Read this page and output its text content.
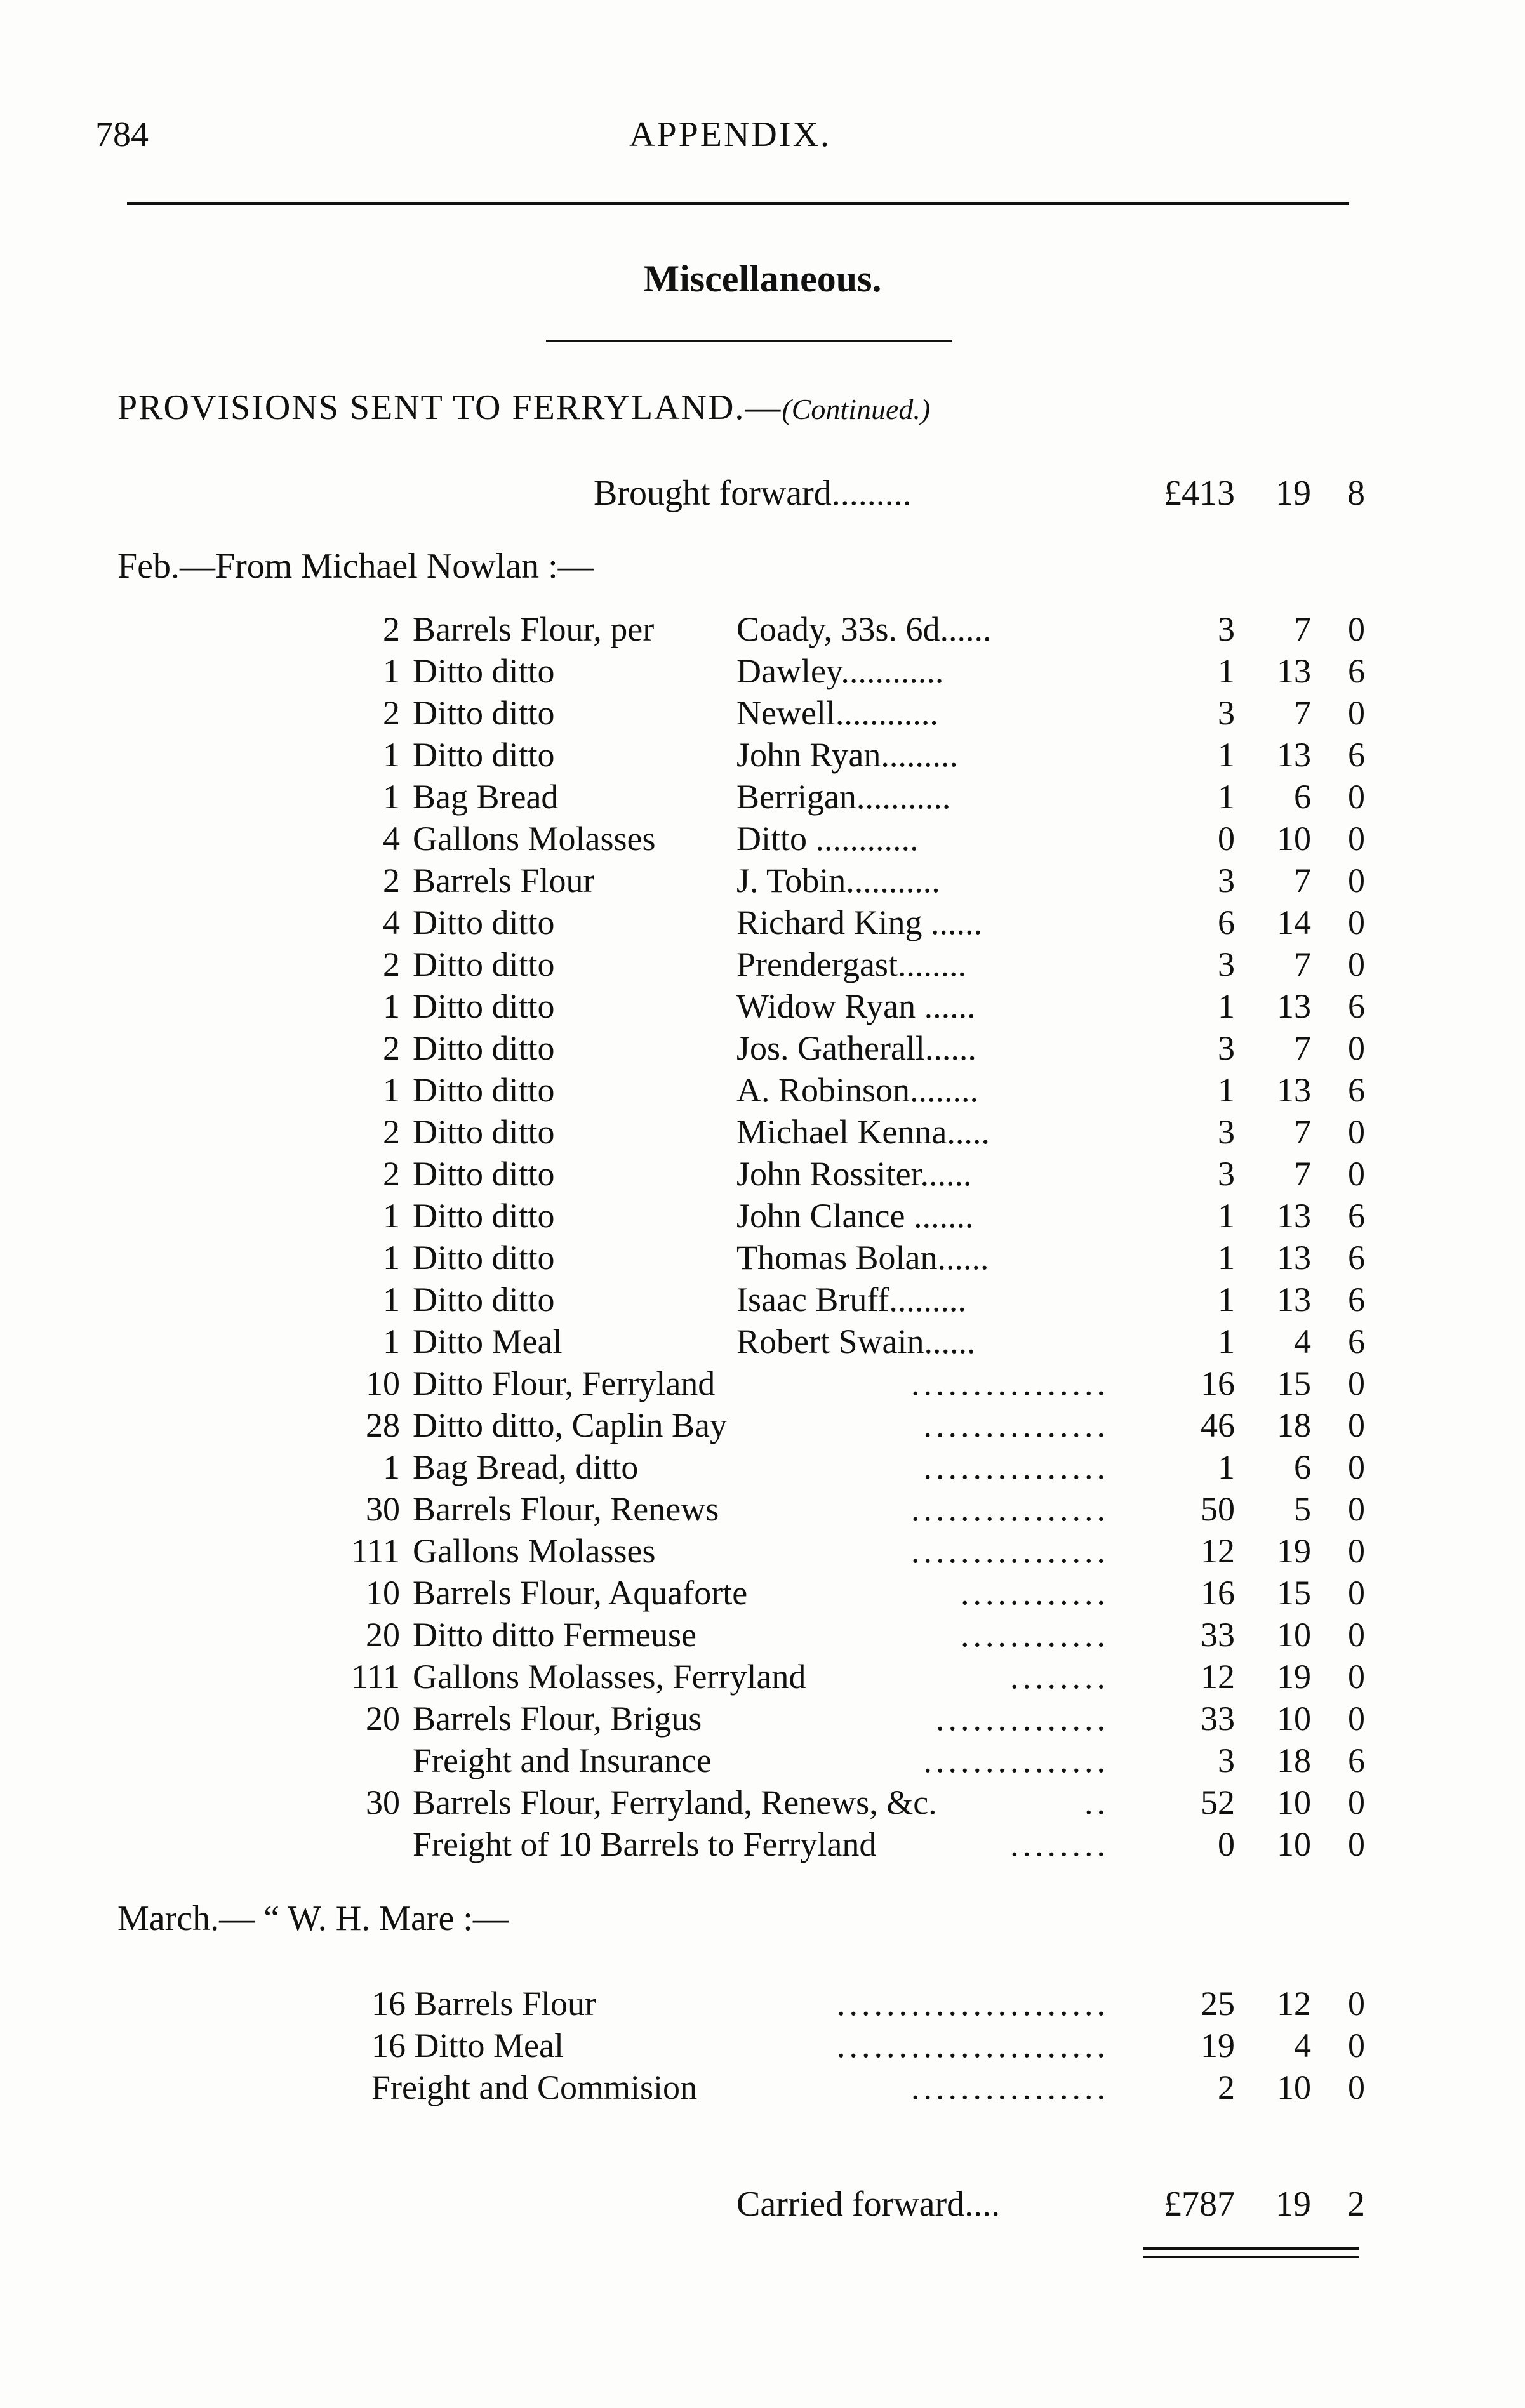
784	APPENDIX.
Miscellaneous.
PROVISIONS SENT TO FERRYLAND.—(Continued.)
Brought forward.........	£413	19	8
Feb.—From Michael Nowlan :—
2 Barrels Flour, per Coady, 33s. 6d......	3	7	0
1 Ditto ditto	Dawley............	1	13	6
2 Ditto ditto	Newell............	3	7	0
1 Ditto ditto	John Ryan.........	1	13	6
1 Bag Bread	Berrigan...........	1	6	0
4 Gallons Molasses Ditto ............	0	10	0
2 Barrels Flour	J. Tobin...........	3	7	0
4 Ditto ditto	Richard King ......	6	14	0
2 Ditto ditto	Prendergast........	3	7	0
1 Ditto ditto	Widow Ryan ......	1	13	6
2 Ditto ditto	Jos. Gatherall......	3	7	0
1 Ditto ditto	A. Robinson........	1	13	6
2 Ditto ditto	Michael Kenna.....	3	7	0
2 Ditto ditto	John Rossiter......	3	7	0
1 Ditto ditto	John Clance .......	1	13	6
1 Ditto ditto	Thomas Bolan......	1	13	6
1 Ditto ditto	Isaac Bruff.........	1	13	6
1 Ditto Meal	Robert Swain......	1	4	6
10 Ditto Flour, Ferryland	................	16	15	0
28 Ditto ditto, Caplin Bay	...............	46	18	0
1 Bag Bread, ditto	...............	1	6	0
30 Barrels Flour, Renews	................	50	5	0
111 Gallons Molasses	................	12	19	0
10 Barrels Flour, Aquaforte	............	16	15	0
20 Ditto ditto Fermeuse	............	33	10	0
111 Gallons Molasses, Ferryland	........	12	19	0
20 Barrels Flour, Brigus	..............	33	10	0
Freight and Insurance	...............	3	18	6
30 Barrels Flour, Ferryland, Renews, &c.	..	52	10	0
Freight of 10 Barrels to Ferryland	........	0	10	0
March.— “ W. H. Mare :—
16 Barrels Flour	......................	25	12	0
16 Ditto Meal	......................	19	4	0
Freight and Commision	................	2	10	0
Carried forward....	£787	19	2
